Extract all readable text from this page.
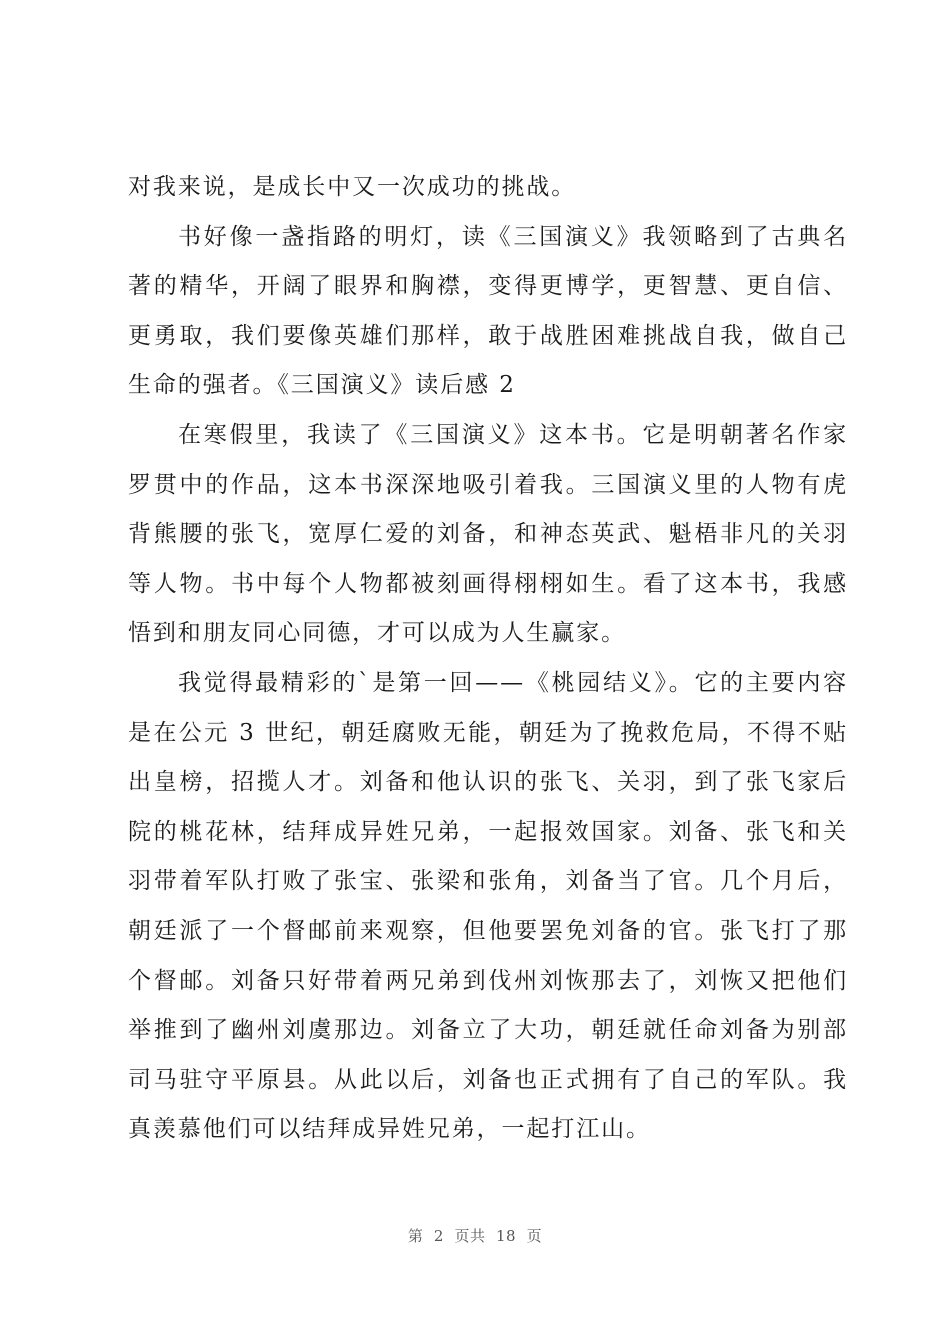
对我来说，是成长中又一次成功的挑战。

书好像一盏指路的明灯，读《三国演义》我领略到了古典名著的精华，开阔了眼界和胸襟，变得更博学，更智慧、更自信、更勇取，我们要像英雄们那样，敢于战胜困难挑战自我，做自己生命的强者。《三国演义》读后感 2

在寒假里，我读了《三国演义》这本书。它是明朝著名作家罗贯中的作品，这本书深深地吸引着我。三国演义里的人物有虎背熊腰的张飞，宽厚仁爱的刘备，和神态英武、魁梧非凡的关羽等人物。书中每个人物都被刻画得栩栩如生。看了这本书，我感悟到和朋友同心同德，才可以成为人生赢家。

我觉得最精彩的`是第一回——《桃园结义》。它的主要内容是在公元 3 世纪，朝廷腐败无能，朝廷为了挽救危局，不得不贴出皇榜，招揽人才。刘备和他认识的张飞、关羽，到了张飞家后院的桃花林，结拜成异姓兄弟，一起报效国家。刘备、张飞和关羽带着军队打败了张宝、张梁和张角，刘备当了官。几个月后，朝廷派了一个督邮前来观察，但他要罢免刘备的官。张飞打了那个督邮。刘备只好带着两兄弟到伐州刘恢那去了，刘恢又把他们举推到了幽州刘虞那边。刘备立了大功，朝廷就任命刘备为别部司马驻守平原县。从此以后，刘备也正式拥有了自己的军队。我真羡慕他们可以结拜成异姓兄弟，一起打江山。

第  2  页共  18  页
